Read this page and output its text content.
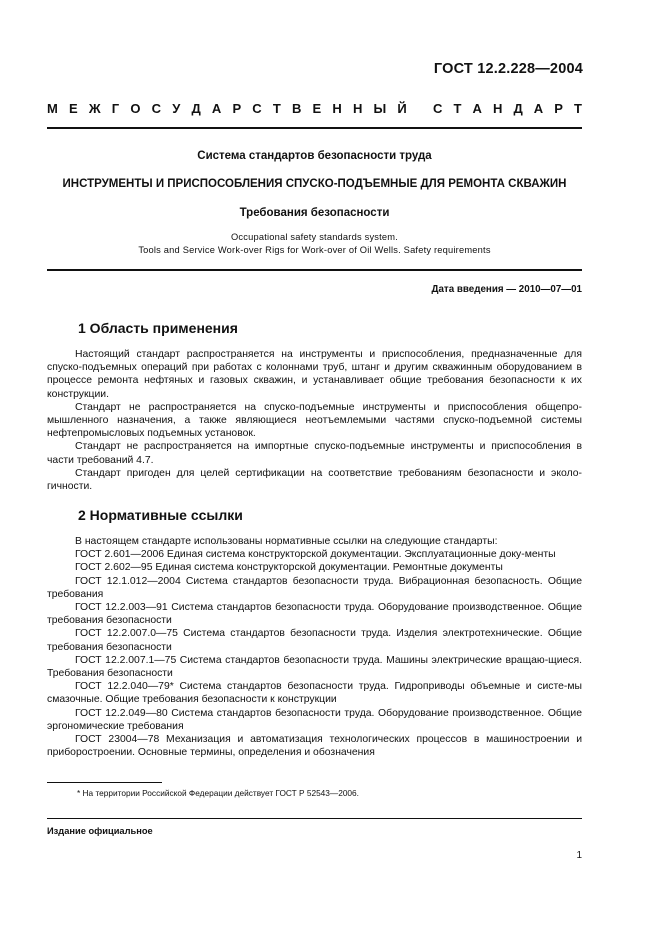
ГОСТ 12.2.228—2004
М Е Ж Г О С У Д А Р С Т В Е Н Н Ы Й С Т А Н Д А Р Т
Система стандартов безопасности труда
ИНСТРУМЕНТЫ И ПРИСПОСОБЛЕНИЯ СПУСКО-ПОДЪЕМНЫЕ ДЛЯ РЕМОНТА СКВАЖИН
Требования безопасности
Occupational safety standards system.
Tools and Service Work-over Rigs for Work-over of Oil Wells. Safety requirements
Дата введения — 2010—07—01
1 Область применения

Настоящий стандарт распространяется на инструменты и приспособления, предназначенные для спуско-подъемных операций при работах с колоннами труб, штанг и другим скважинным оборудованием в процессе ремонта нефтяных и газовых скважин, и устанавливает общие требования безопасности к их конструкции.

Стандарт не распространяется на спуско-подъемные инструменты и приспособления общепро-мышленного назначения, а также являющиеся неотъемлемыми частями спуско-подъемной системы нефтепромысловых подъемных установок.

Стандарт не распространяется на импортные спуско-подъемные инструменты и приспособления в части требований 4.7.

Стандарт пригоден для целей сертификации на соответствие требованиям безопасности и эколо-гичности.

2 Нормативные ссылки

В настоящем стандарте использованы нормативные ссылки на следующие стандарты:

ГОСТ 2.601—2006 Единая система конструкторской документации. Эксплуатационные доку-менты

ГОСТ 2.602—95 Единая система конструкторской документации. Ремонтные документы

ГОСТ 12.1.012—2004 Система стандартов безопасности труда. Вибрационная безопасность. Общие требования

ГОСТ 12.2.003—91 Система стандартов безопасности труда. Оборудование производственное. Общие требования безопасности

ГОСТ 12.2.007.0—75 Система стандартов безопасности труда. Изделия электротехнические. Общие требования безопасности

ГОСТ 12.2.007.1—75 Система стандартов безопасности труда. Машины электрические вращаю-щиеся. Требования безопасности

ГОСТ 12.2.040—79* Система стандартов безопасности труда. Гидроприводы объемные и систе-мы смазочные. Общие требования безопасности к конструкции

ГОСТ 12.2.049—80 Система стандартов безопасности труда. Оборудование производственное. Общие эргономические требования

ГОСТ 23004—78 Механизация и автоматизация технологических процессов в машиностроении и приборостроении. Основные термины, определения и обозначения

* На территории Российской Федерации действует ГОСТ Р 52543—2006.
Издание официальное
1
